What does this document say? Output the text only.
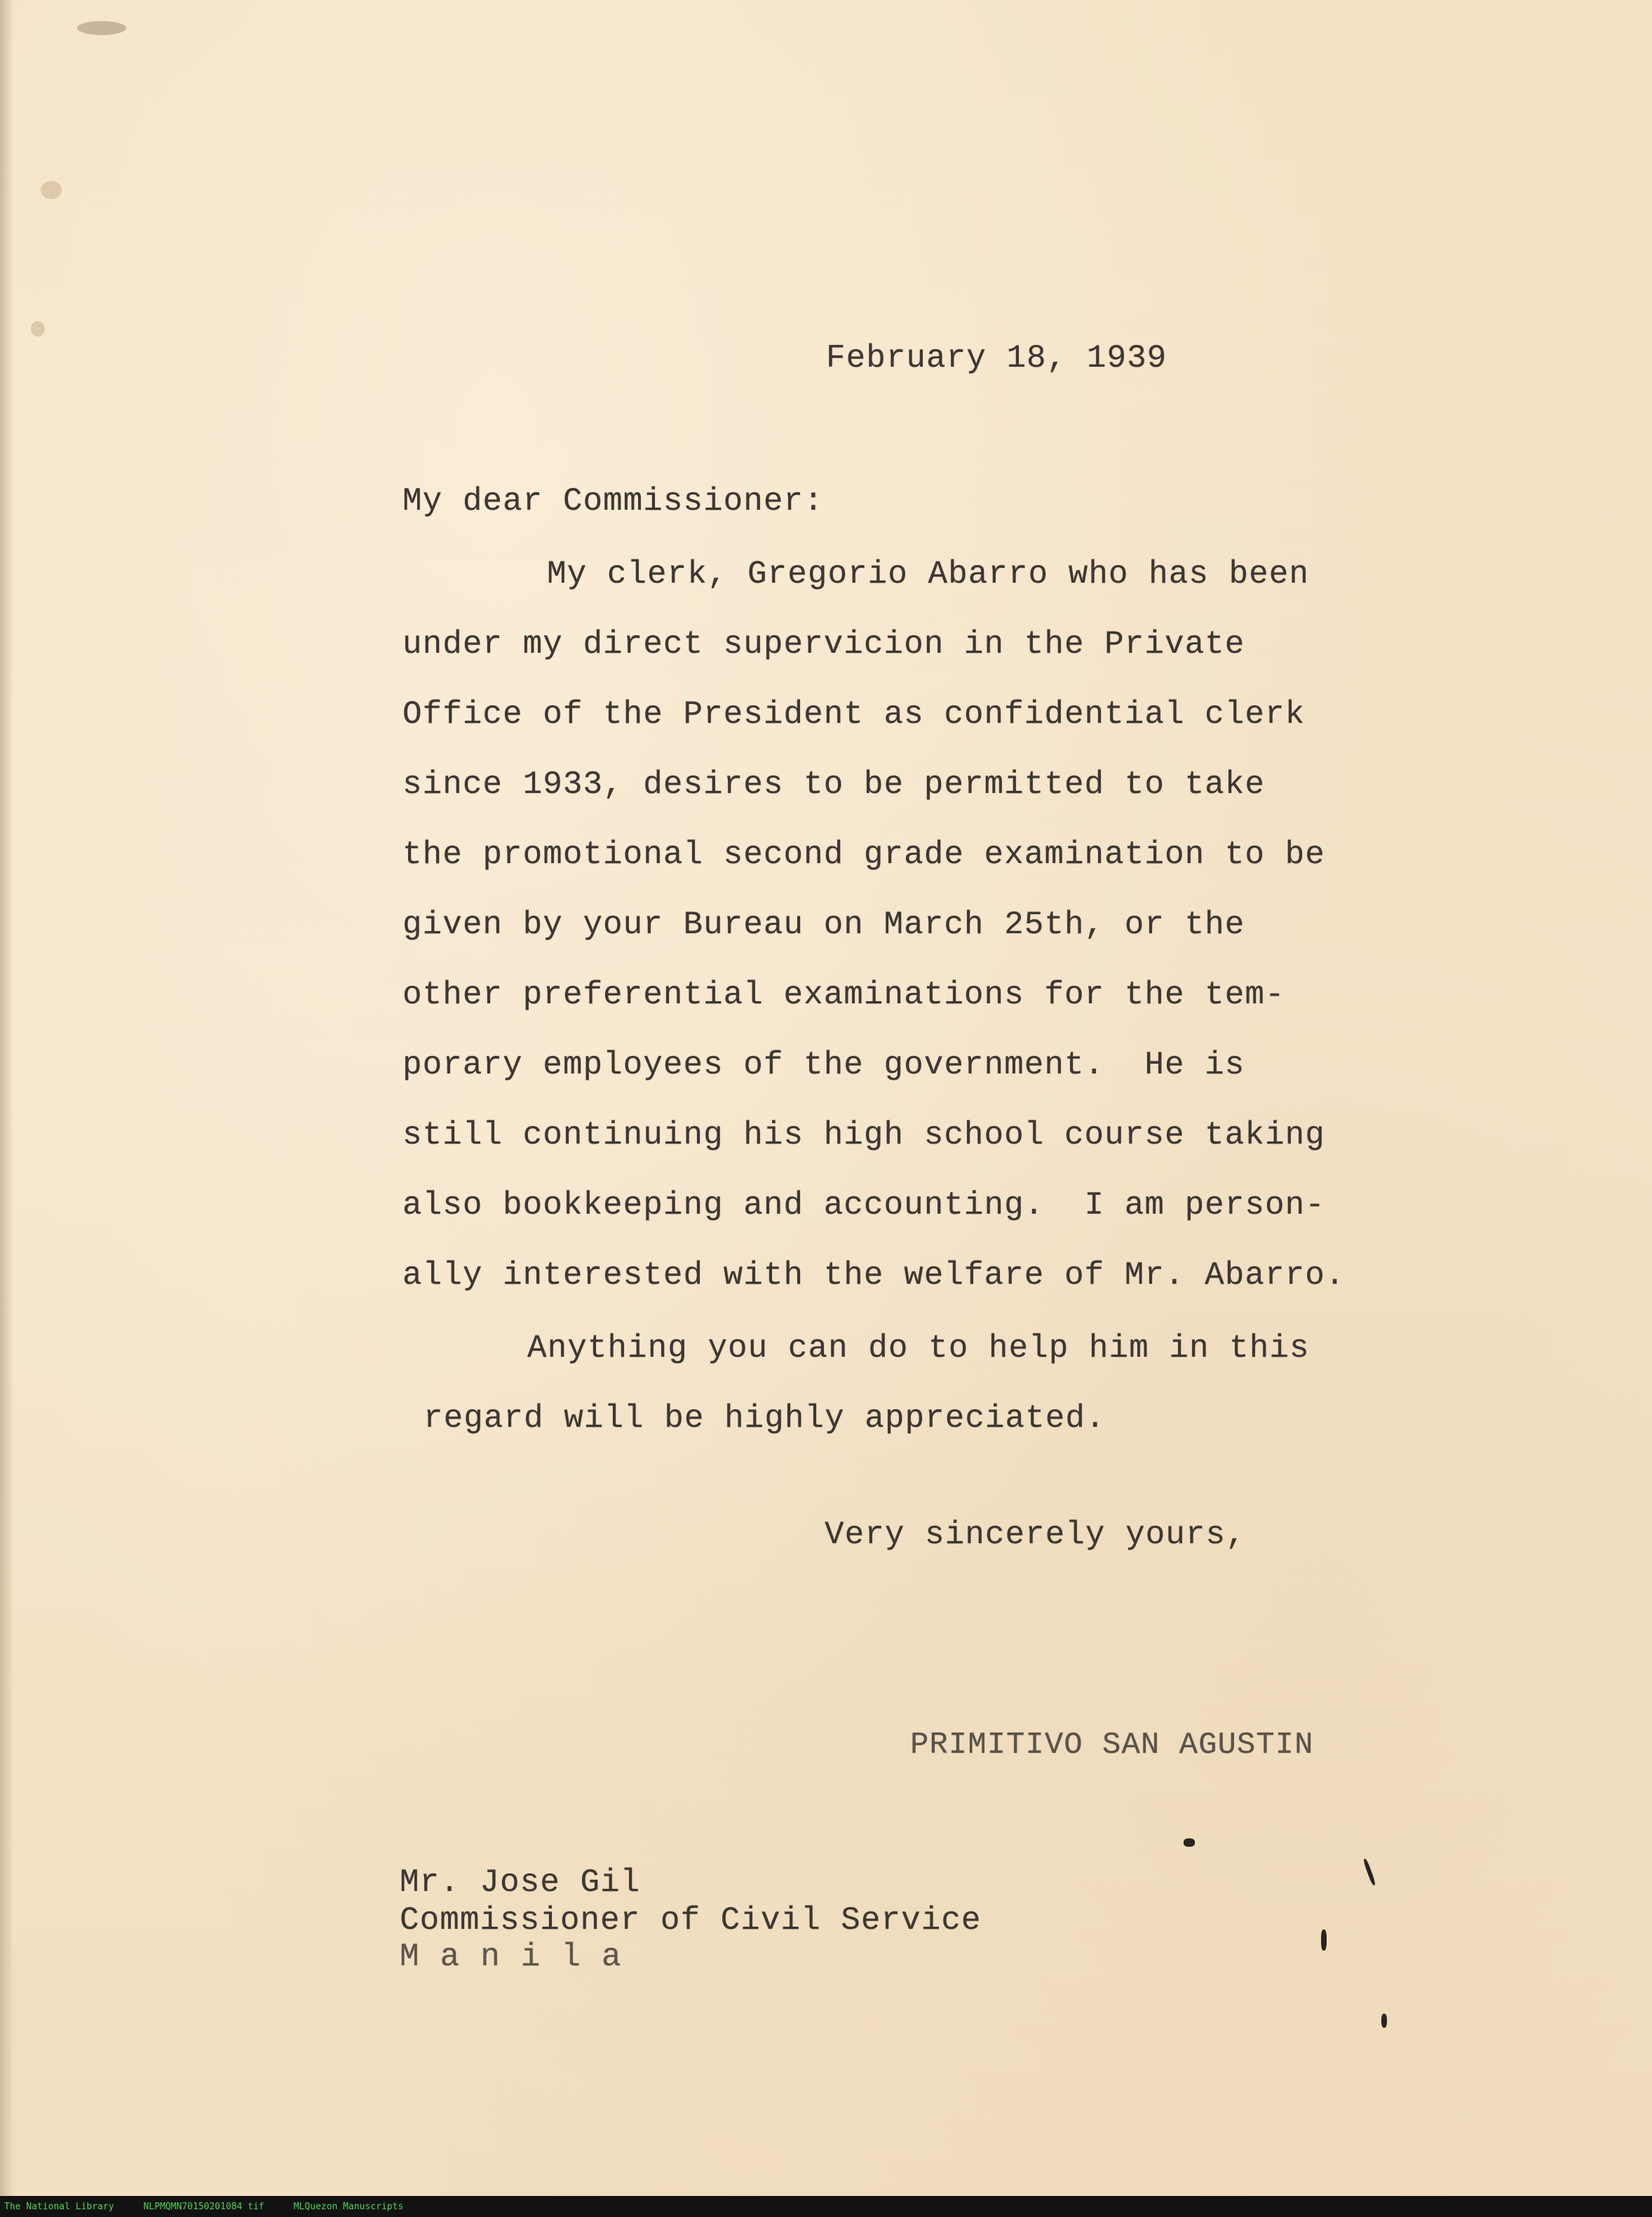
February 18, 1939
My dear Commissioner:
My clerk, Gregorio Abarro who has been
under my direct supervicion in the Private
Office of the President as confidential clerk
since 1933, desires to be permitted to take
the promotional second grade examination to be
given by your Bureau on March 25th, or the
other preferential examinations for the tem-
porary employees of the government.  He is
still continuing his high school course taking
also bookkeeping and accounting.  I am person-
ally interested with the welfare of Mr. Abarro.
Anything you can do to help him in this
regard will be highly appreciated.
Very sincerely yours,
PRIMITIVO SAN AGUSTIN
Mr. Jose Gil
Commissioner of Civil Service
Manila
The National Library	NLPMQMN70150201084 tif	MLQuezon Manuscripts
